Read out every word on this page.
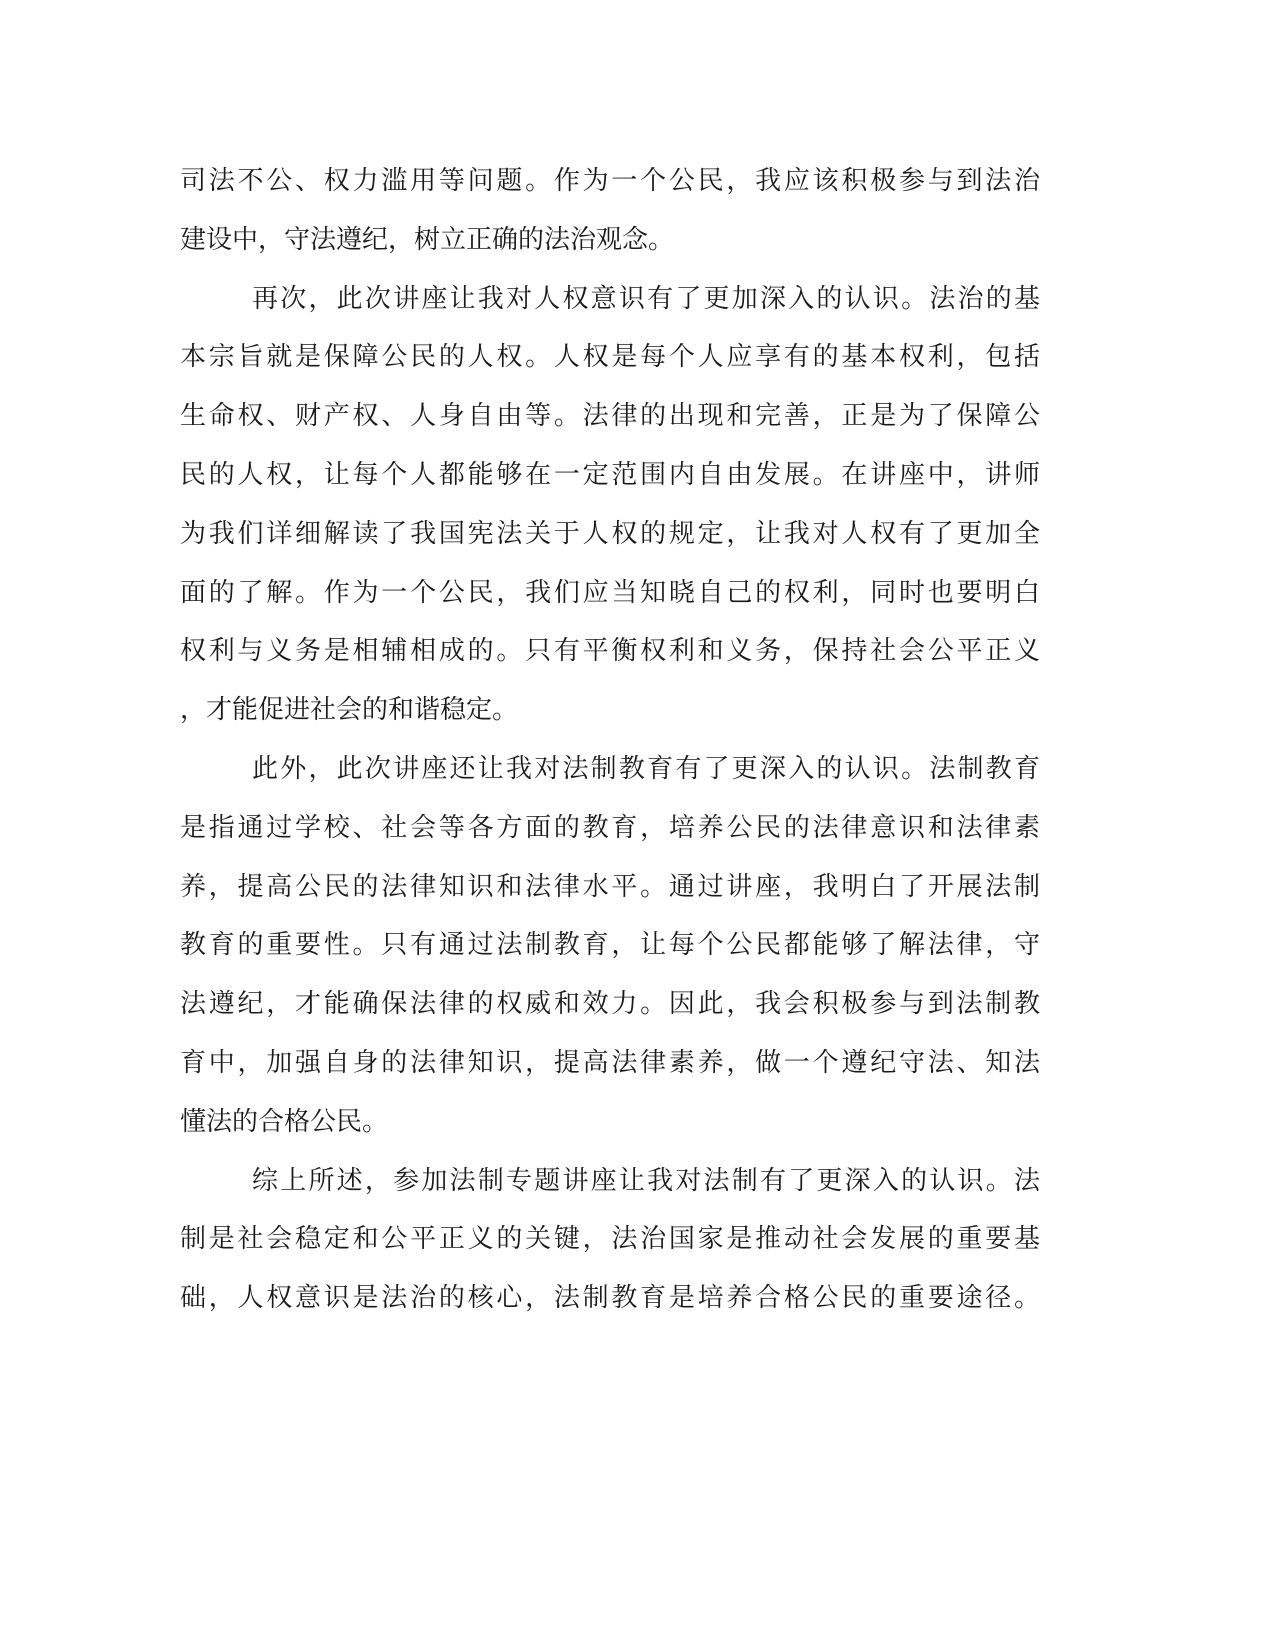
司法不公、权力滥用等问题。作为一个公民，我应该积极参与到法治
建设中，守法遵纪，树立正确的法治观念。
再次，此次讲座让我对人权意识有了更加深入的认识。法治的基
本宗旨就是保障公民的人权。人权是每个人应享有的基本权利，包括
生命权、财产权、人身自由等。法律的出现和完善，正是为了保障公
民的人权，让每个人都能够在一定范围内自由发展。在讲座中，讲师
为我们详细解读了我国宪法关于人权的规定，让我对人权有了更加全
面的了解。作为一个公民，我们应当知晓自己的权利，同时也要明白
权利与义务是相辅相成的。只有平衡权利和义务，保持社会公平正义
，才能促进社会的和谐稳定。
此外，此次讲座还让我对法制教育有了更深入的认识。法制教育
是指通过学校、社会等各方面的教育，培养公民的法律意识和法律素
养，提高公民的法律知识和法律水平。通过讲座，我明白了开展法制
教育的重要性。只有通过法制教育，让每个公民都能够了解法律，守
法遵纪，才能确保法律的权威和效力。因此，我会积极参与到法制教
育中，加强自身的法律知识，提高法律素养，做一个遵纪守法、知法
懂法的合格公民。
综上所述，参加法制专题讲座让我对法制有了更深入的认识。法
制是社会稳定和公平正义的关键，法治国家是推动社会发展的重要基
础，人权意识是法治的核心，法制教育是培养合格公民的重要途径。
